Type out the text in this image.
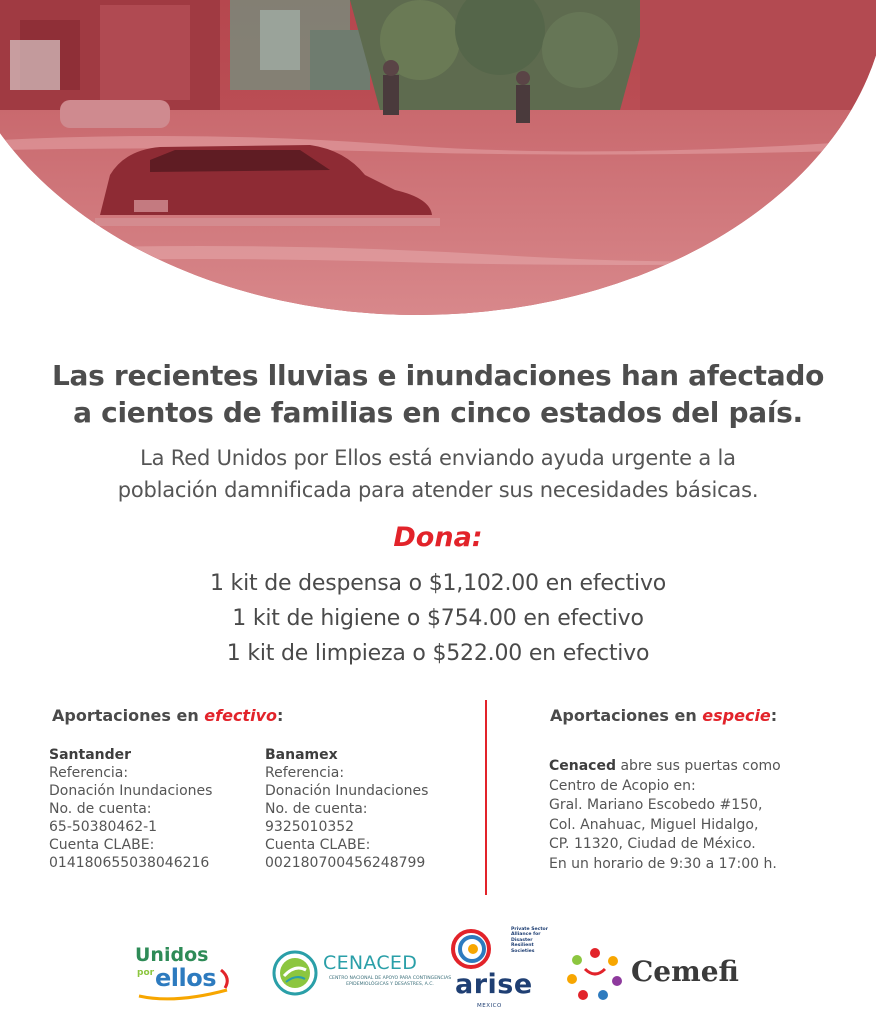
Las recientes lluvias e inundaciones han afectado
a cientos de familias en cinco estados del país.
La Red Unidos por Ellos está enviando ayuda urgente a la
población damnificada para atender sus necesidades básicas.
Dona:
1 kit de despensa o $1,102.00 en efectivo
1 kit de higiene o $754.00 en efectivo
1 kit de limpieza o $522.00 en efectivo
Aportaciones en efectivo:
Santander
Referencia:
Donación Inundaciones
No. de cuenta:
65-50380462-1
Cuenta CLABE:
014180655038046216
Banamex
Referencia:
Donación Inundaciones
No. de cuenta:
9325010352
Cuenta CLABE:
002180700456248799
Aportaciones en especie:
Cenaced abre sus puertas como
Centro de Acopio en:
Gral. Mariano Escobedo #150,
Col. Anahuac, Miguel Hidalgo,
CP. 11320, Ciudad de México.
En un horario de 9:30 a 17:00 h.
Unidos
por ellos
CENACED
CENTRO NACIONAL DE APOYO PARA CONTINGENCIAS EPIDEMIOLÓGICAS Y DESASTRES, A.C.
Private Sector Alliance for Disaster Resilient Societies
arise
MEXICO
Cemefi
